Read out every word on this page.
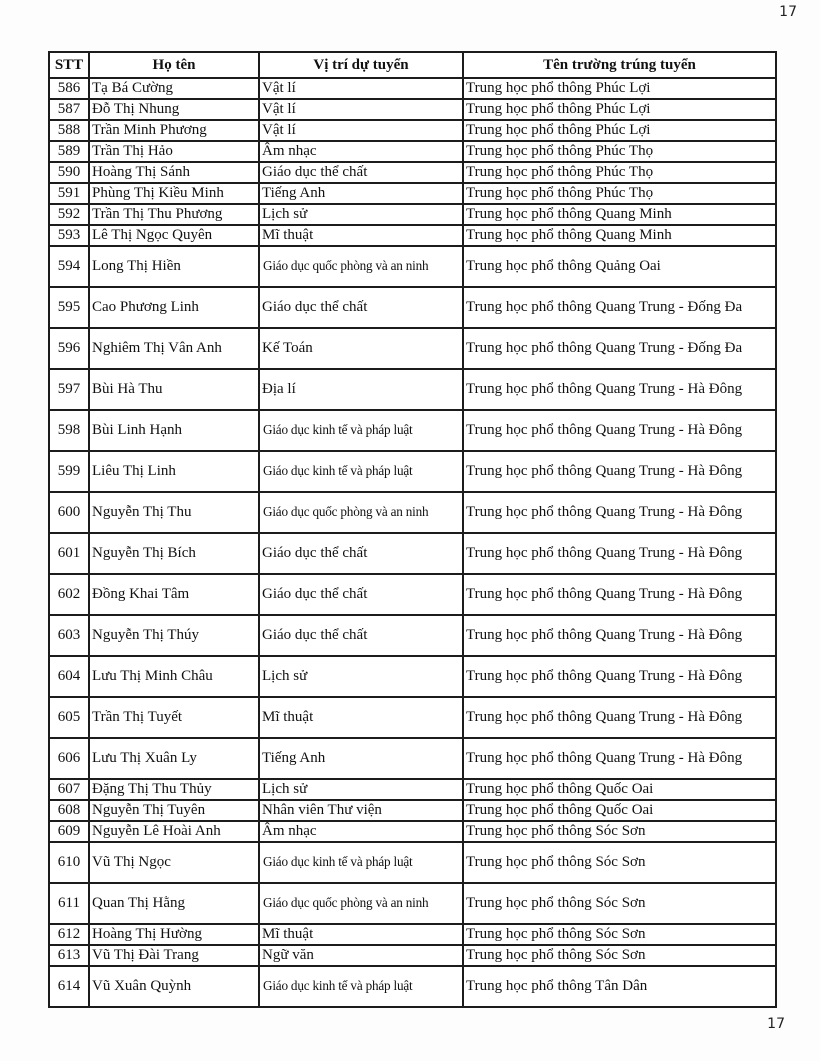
17
STT	Họ tên	Vị trí dự tuyển	Tên trường trúng tuyển
586	Tạ Bá Cường	Vật lí	Trung học phổ thông Phúc Lợi
587	Đỗ Thị Nhung	Vật lí	Trung học phổ thông Phúc Lợi
588	Trần Minh Phương	Vật lí	Trung học phổ thông Phúc Lợi
589	Trần Thị Hảo	Âm nhạc	Trung học phổ thông Phúc Thọ
590	Hoàng Thị Sánh	Giáo dục thể chất	Trung học phổ thông Phúc Thọ
591	Phùng Thị Kiều Minh	Tiếng Anh	Trung học phổ thông Phúc Thọ
592	Trần Thị Thu Phương	Lịch sử	Trung học phổ thông Quang Minh
593	Lê Thị Ngọc Quyên	Mĩ thuật	Trung học phổ thông Quang Minh
594	Long Thị Hiền	Giáo dục quốc phòng và an ninh	Trung học phổ thông Quảng Oai
595	Cao Phương Linh	Giáo dục thể chất	Trung học phổ thông Quang Trung - Đống Đa
596	Nghiêm Thị Vân Anh	Kế Toán	Trung học phổ thông Quang Trung - Đống Đa
597	Bùi Hà Thu	Địa lí	Trung học phổ thông Quang Trung - Hà Đông
598	Bùi Linh Hạnh	Giáo dục kinh tế và pháp luật	Trung học phổ thông Quang Trung - Hà Đông
599	Liêu Thị Linh	Giáo dục kinh tế và pháp luật	Trung học phổ thông Quang Trung - Hà Đông
600	Nguyễn Thị Thu	Giáo dục quốc phòng và an ninh	Trung học phổ thông Quang Trung - Hà Đông
601	Nguyễn Thị Bích	Giáo dục thể chất	Trung học phổ thông Quang Trung - Hà Đông
602	Đồng Khai Tâm	Giáo dục thể chất	Trung học phổ thông Quang Trung - Hà Đông
603	Nguyễn Thị Thúy	Giáo dục thể chất	Trung học phổ thông Quang Trung - Hà Đông
604	Lưu Thị Minh Châu	Lịch sử	Trung học phổ thông Quang Trung - Hà Đông
605	Trần Thị Tuyết	Mĩ thuật	Trung học phổ thông Quang Trung - Hà Đông
606	Lưu Thị Xuân Ly	Tiếng Anh	Trung học phổ thông Quang Trung - Hà Đông
607	Đặng Thị Thu Thủy	Lịch sử	Trung học phổ thông Quốc Oai
608	Nguyễn Thị Tuyên	Nhân viên Thư viện	Trung học phổ thông Quốc Oai
609	Nguyễn Lê Hoài Anh	Âm nhạc	Trung học phổ thông Sóc Sơn
610	Vũ Thị Ngọc	Giáo dục kinh tế và pháp luật	Trung học phổ thông Sóc Sơn
611	Quan Thị Hằng	Giáo dục quốc phòng và an ninh	Trung học phổ thông Sóc Sơn
612	Hoàng Thị Hường	Mĩ thuật	Trung học phổ thông Sóc Sơn
613	Vũ Thị Đài Trang	Ngữ văn	Trung học phổ thông Sóc Sơn
614	Vũ Xuân Quỳnh	Giáo dục kinh tế và pháp luật	Trung học phổ thông Tân Dân
17
